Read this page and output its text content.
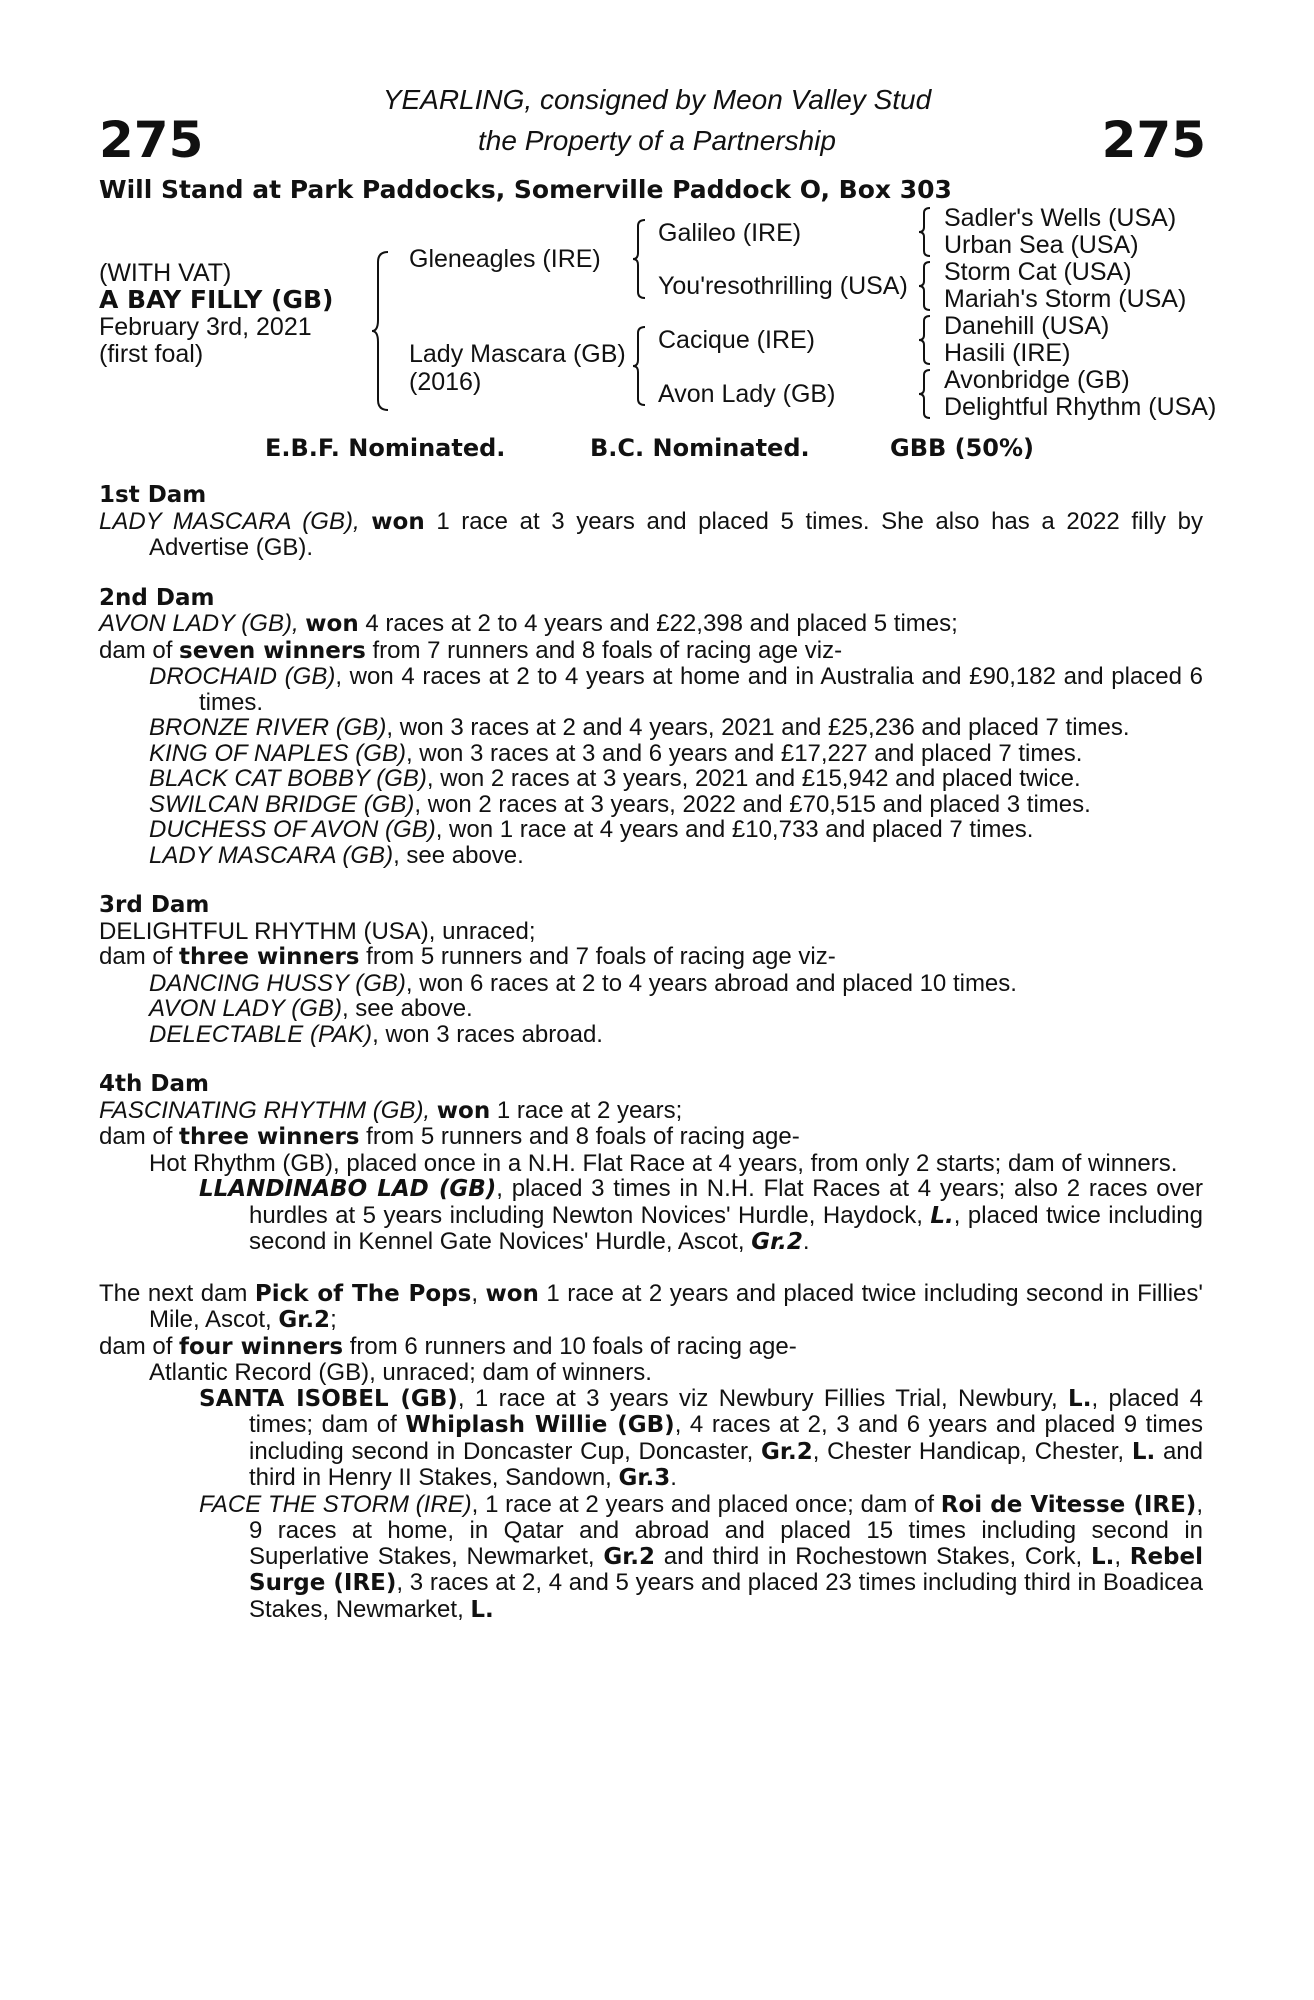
275	275
YEARLING, consigned by Meon Valley Stud
the Property of a Partnership
Will Stand at Park Paddocks, Somerville Paddock O, Box 303
(WITH VAT)
A BAY FILLY (GB)
February 3rd, 2021
(first foal)
Gleneagles (IRE)
Lady Mascara (GB)
(2016)
Galileo (IRE)
You'resothrilling (USA)
Cacique (IRE)
Avon Lady (GB)
Sadler's Wells (USA)
Urban Sea (USA)
Storm Cat (USA)
Mariah's Storm (USA)
Danehill (USA)
Hasili (IRE)
Avonbridge (GB)
Delightful Rhythm (USA)
E.B.F. Nominated.	B.C. Nominated.	GBB (50%)
1st Dam
LADY MASCARA (GB), won 1 race at 3 years and placed 5 times. She also has a 2022 filly by Advertise (GB).
2nd Dam
AVON LADY (GB), won 4 races at 2 to 4 years and £22,398 and placed 5 times;
dam of seven winners from 7 runners and 8 foals of racing age viz-
DROCHAID (GB), won 4 races at 2 to 4 years at home and in Australia and £90,182 and placed 6 times.
BRONZE RIVER (GB), won 3 races at 2 and 4 years, 2021 and £25,236 and placed 7 times.
KING OF NAPLES (GB), won 3 races at 3 and 6 years and £17,227 and placed 7 times.
BLACK CAT BOBBY (GB), won 2 races at 3 years, 2021 and £15,942 and placed twice.
SWILCAN BRIDGE (GB), won 2 races at 3 years, 2022 and £70,515 and placed 3 times.
DUCHESS OF AVON (GB), won 1 race at 4 years and £10,733 and placed 7 times.
LADY MASCARA (GB), see above.
3rd Dam
DELIGHTFUL RHYTHM (USA), unraced;
dam of three winners from 5 runners and 7 foals of racing age viz-
DANCING HUSSY (GB), won 6 races at 2 to 4 years abroad and placed 10 times.
AVON LADY (GB), see above.
DELECTABLE (PAK), won 3 races abroad.
4th Dam
FASCINATING RHYTHM (GB), won 1 race at 2 years;
dam of three winners from 5 runners and 8 foals of racing age-
Hot Rhythm (GB), placed once in a N.H. Flat Race at 4 years, from only 2 starts; dam of winners.
LLANDINABO LAD (GB), placed 3 times in N.H. Flat Races at 4 years; also 2 races over hurdles at 5 years including Newton Novices' Hurdle, Haydock, L., placed twice including second in Kennel Gate Novices' Hurdle, Ascot, Gr.2.
The next dam Pick of The Pops, won 1 race at 2 years and placed twice including second in Fillies' Mile, Ascot, Gr.2;
dam of four winners from 6 runners and 10 foals of racing age-
Atlantic Record (GB), unraced; dam of winners.
SANTA ISOBEL (GB), 1 race at 3 years viz Newbury Fillies Trial, Newbury, L., placed 4 times; dam of Whiplash Willie (GB), 4 races at 2, 3 and 6 years and placed 9 times including second in Doncaster Cup, Doncaster, Gr.2, Chester Handicap, Chester, L. and third in Henry II Stakes, Sandown, Gr.3.
FACE THE STORM (IRE), 1 race at 2 years and placed once; dam of Roi de Vitesse (IRE), 9 races at home, in Qatar and abroad and placed 15 times including second in Superlative Stakes, Newmarket, Gr.2 and third in Rochestown Stakes, Cork, L., Rebel Surge (IRE), 3 races at 2, 4 and 5 years and placed 23 times including third in Boadicea Stakes, Newmarket, L.
